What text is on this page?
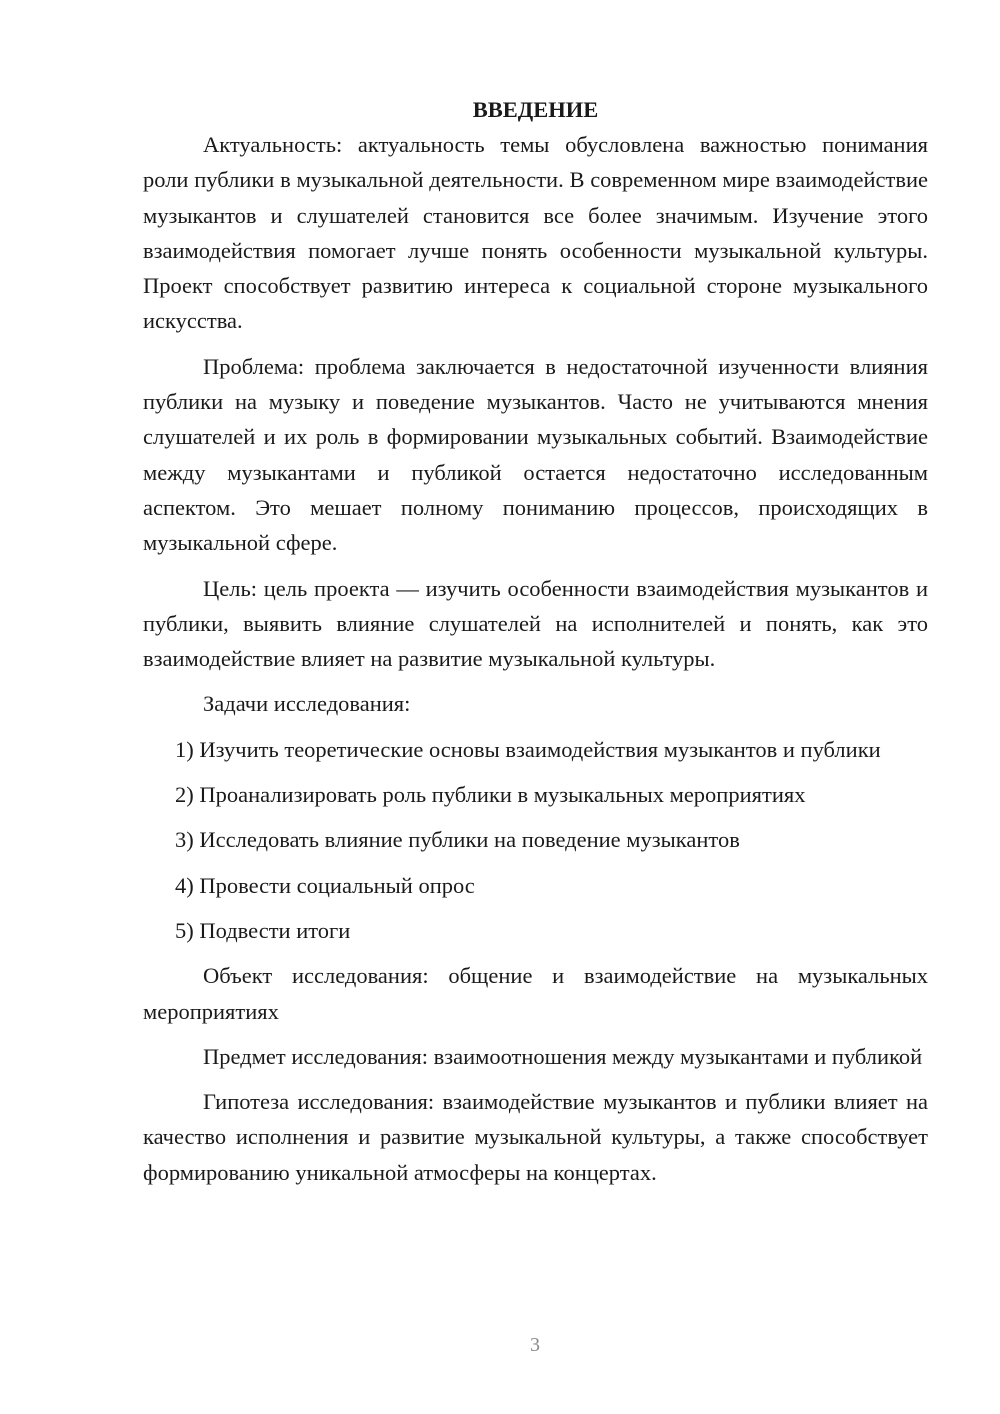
ВВЕДЕНИЕ

Актуальность: актуальность темы обусловлена важностью понимания роли публики в музыкальной деятельности. В современном мире взаимодействие музыкантов и слушателей становится все более значимым. Изучение этого взаимодействия помогает лучше понять особенности музыкальной культуры. Проект способствует развитию интереса к социальной стороне музыкального искусства.

Проблема: проблема заключается в недостаточной изученности влияния публики на музыку и поведение музыкантов. Часто не учитываются мнения слушателей и их роль в формировании музыкальных событий. Взаимодействие между музыкантами и публикой остается недостаточно исследованным аспектом. Это мешает полному пониманию процессов, происходящих в музыкальной сфере.

Цель: цель проекта — изучить особенности взаимодействия музыкантов и публики, выявить влияние слушателей на исполнителей и понять, как это взаимодействие влияет на развитие музыкальной культуры.

Задачи исследования:

1) Изучить теоретические основы взаимодействия музыкантов и публики

2) Проанализировать роль публики в музыкальных мероприятиях

3) Исследовать влияние публики на поведение музыкантов

4) Провести социальный опрос

5) Подвести итоги

Объект исследования: общение и взаимодействие на музыкальных мероприятиях

Предмет исследования: взаимоотношения между музыкантами и публикой

Гипотеза исследования: взаимодействие музыкантов и публики влияет на качество исполнения и развитие музыкальной культуры, а также способствует формированию уникальной атмосферы на концертах.

3
